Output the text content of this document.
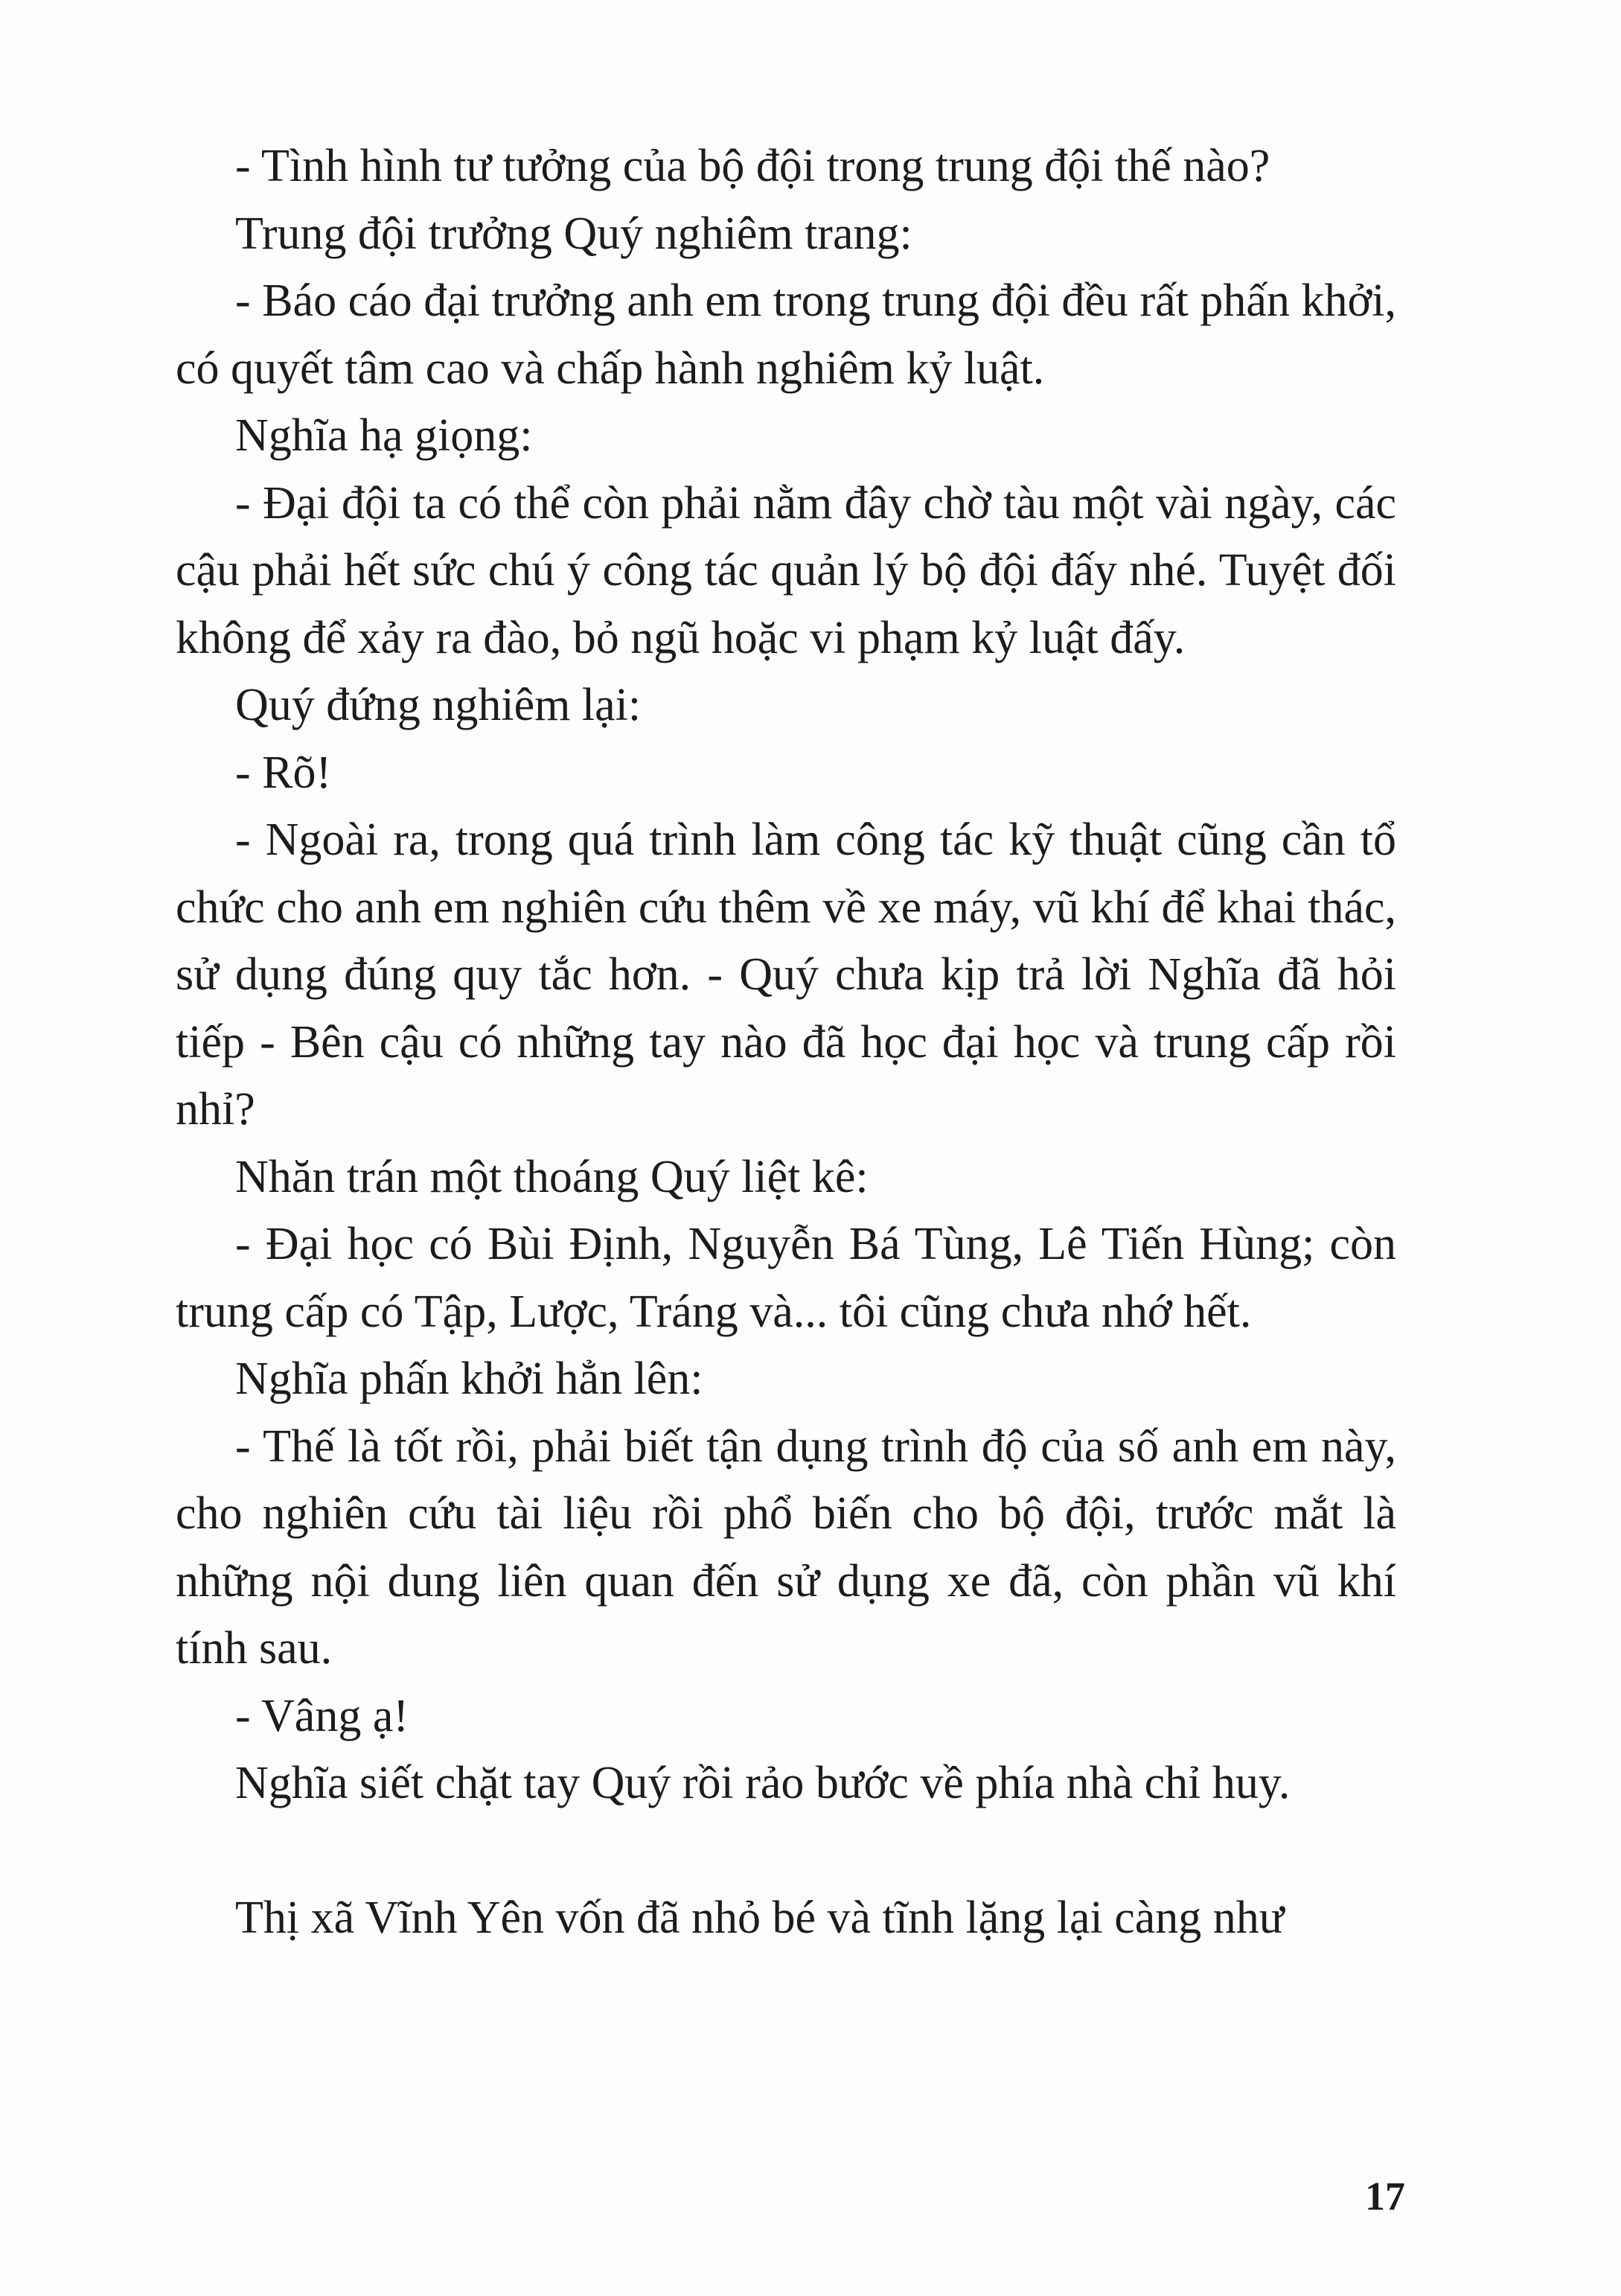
- Tình hình tư tưởng của bộ đội trong trung đội thế nào?

Trung đội trưởng Quý nghiêm trang:

- Báo cáo đại trưởng anh em trong trung đội đều rất phấn khởi, có quyết tâm cao và chấp hành nghiêm kỷ luật.

Nghĩa hạ giọng:

- Đại đội ta có thể còn phải nằm đây chờ tàu một vài ngày, các cậu phải hết sức chú ý công tác quản lý bộ đội đấy nhé. Tuyệt đối không để xảy ra đào, bỏ ngũ hoặc vi phạm kỷ luật đấy.

Quý đứng nghiêm lại:

- Rõ!

- Ngoài ra, trong quá trình làm công tác kỹ thuật cũng cần tổ chức cho anh em nghiên cứu thêm về xe máy, vũ khí để khai thác, sử dụng đúng quy tắc hơn. - Quý chưa kịp trả lời Nghĩa đã hỏi tiếp - Bên cậu có những tay nào đã học đại học và trung cấp rồi nhỉ?

Nhăn trán một thoáng Quý liệt kê:

- Đại học có Bùi Định, Nguyễn Bá Tùng, Lê Tiến Hùng; còn trung cấp có Tập, Lược, Tráng và... tôi cũng chưa nhớ hết.

Nghĩa phấn khởi hẳn lên:

- Thế là tốt rồi, phải biết tận dụng trình độ của số anh em này, cho nghiên cứu tài liệu rồi phổ biến cho bộ đội, trước mắt là những nội dung liên quan đến sử dụng xe đã, còn phần vũ khí tính sau.

- Vâng ạ!

Nghĩa siết chặt tay Quý rồi rảo bước về phía nhà chỉ huy.

Thị xã Vĩnh Yên vốn đã nhỏ bé và tĩnh lặng lại càng như

17
